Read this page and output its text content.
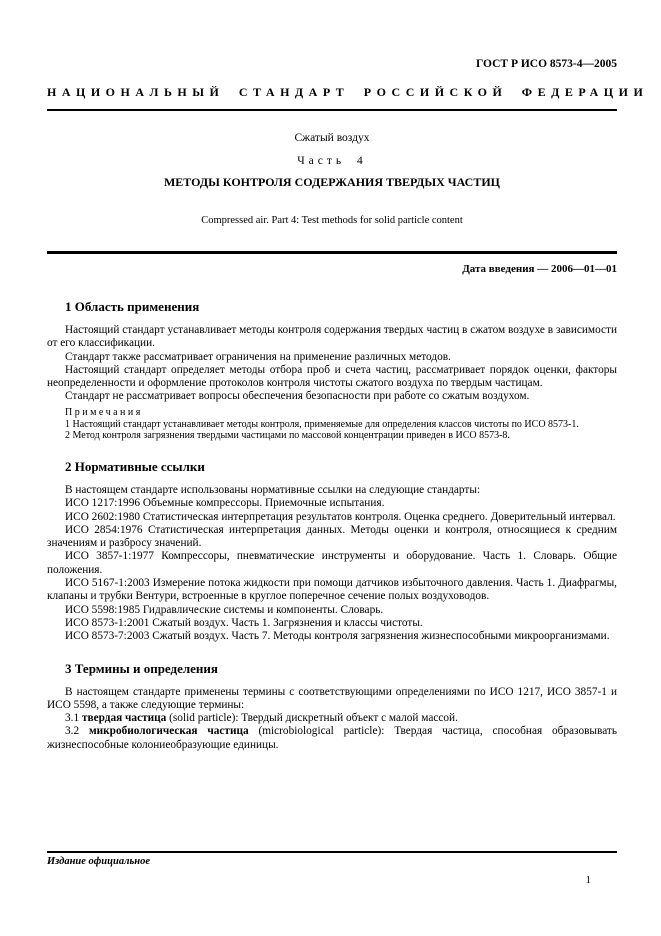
ГОСТ Р ИСО 8573-4—2005
НАЦИОНАЛЬНЫЙ СТАНДАРТ РОССИЙСКОЙ ФЕДЕРАЦИИ
Сжатый воздух
Часть 4
МЕТОДЫ КОНТРОЛЯ СОДЕРЖАНИЯ ТВЕРДЫХ ЧАСТИЦ
Compressed air. Part 4: Test methods for solid particle content
Дата введения — 2006—01—01
1 Область применения

Настоящий стандарт устанавливает методы контроля содержания твердых частиц в сжатом воздухе в зависимости от его классификации.

Стандарт также рассматривает ограничения на применение различных методов.

Настоящий стандарт определяет методы отбора проб и счета частиц, рассматривает порядок оценки, факторы неопределенности и оформление протоколов контроля чистоты сжатого воздуха по твердым частицам.

Стандарт не рассматривает вопросы обеспечения безопасности при работе со сжатым воздухом.

Примечания

1 Настоящий стандарт устанавливает методы контроля, применяемые для определения классов чистоты по ИСО 8573-1.

2 Метод контроля загрязнения твердыми частицами по массовой концентрации приведен в ИСО 8573-8.

2 Нормативные ссылки

В настоящем стандарте использованы нормативные ссылки на следующие стандарты:

ИСО 1217:1996 Объемные компрессоры. Приемочные испытания.

ИСО 2602:1980 Статистическая интерпретация результатов контроля. Оценка среднего. Доверительный интервал.

ИСО 2854:1976 Статистическая интерпретация данных. Методы оценки и контроля, относящиеся к средним значениям и разбросу значений.

ИСО 3857-1:1977 Компрессоры, пневматические инструменты и оборудование. Часть 1. Словарь. Общие положения.

ИСО 5167-1:2003 Измерение потока жидкости при помощи датчиков избыточного давления. Часть 1. Диафрагмы, клапаны и трубки Вентури, встроенные в круглое поперечное сечение полых воздуховодов.

ИСО 5598:1985 Гидравлические системы и компоненты. Словарь.

ИСО 8573-1:2001 Сжатый воздух. Часть 1. Загрязнения и классы чистоты.

ИСО 8573-7:2003 Сжатый воздух. Часть 7. Методы контроля загрязнения жизнеспособными микроорганизмами.

3 Термины и определения

В настоящем стандарте применены термины с соответствующими определениями по ИСО 1217, ИСО 3857-1 и ИСО 5598, а также следующие термины:

3.1 твердая частица (solid particle): Твердый дискретный объект с малой массой.

3.2 микробиологическая частица (microbiological particle): Твердая частица, способная образовывать жизнеспособные колониеобразующие единицы.

Издание официальное
1
